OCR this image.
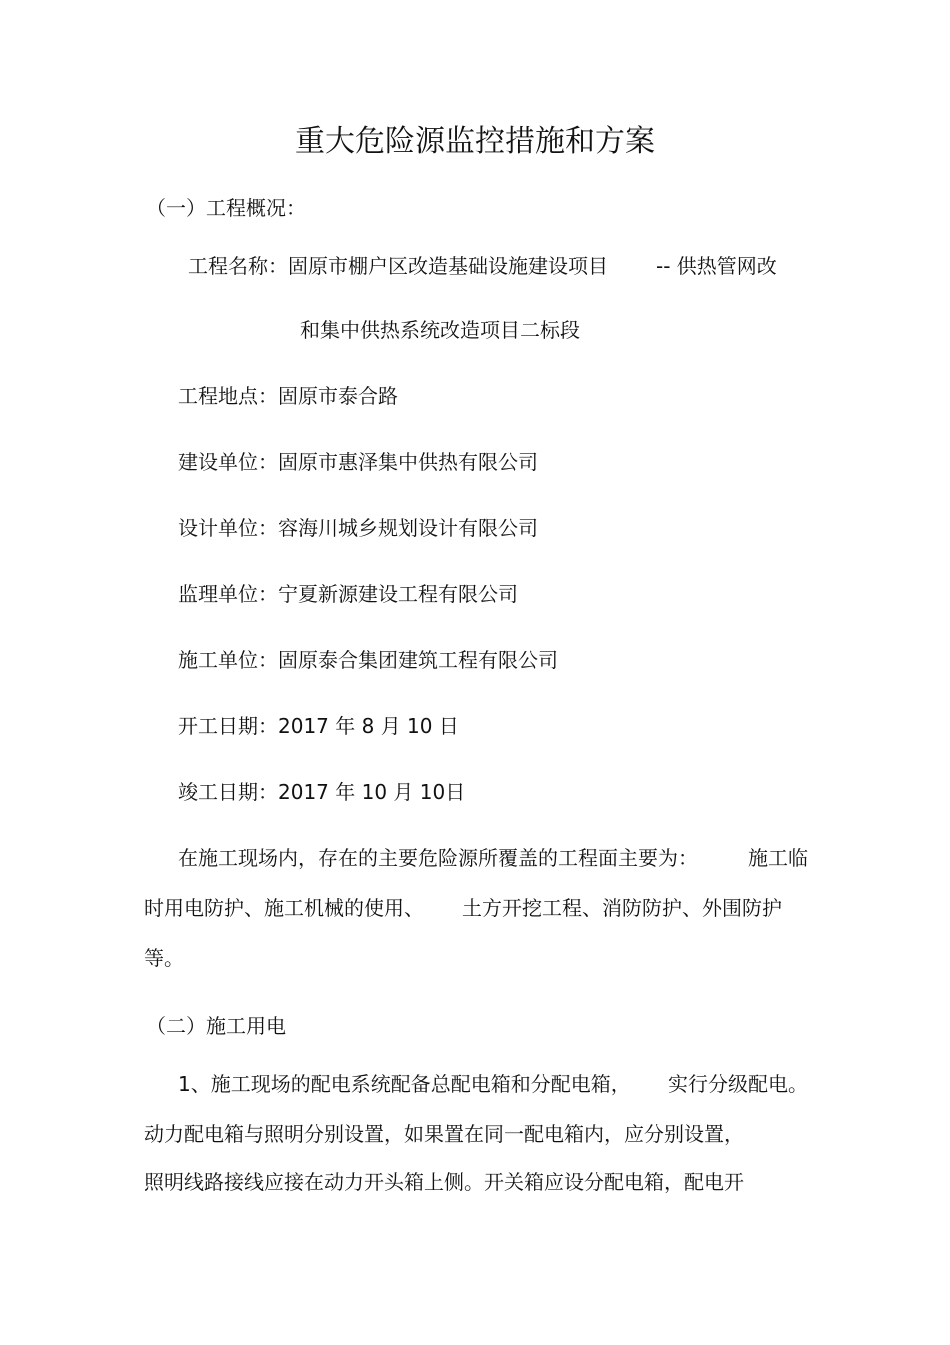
重大危险源监控措施和方案
（一）工程概况：
工程名称：固原市棚户区改造基础设施建设项目 -- 供热管网改
和集中供热系统改造项目二标段
工程地点：固原市泰合路
建设单位：固原市惠泽集中供热有限公司
设计单位：容海川城乡规划设计有限公司
监理单位：宁夏新源建设工程有限公司
施工单位：固原泰合集团建筑工程有限公司
开工日期：2017 年 8 月 10 日
竣工日期：2017 年 10 月 10日
在施工现场内，存在的主要危险源所覆盖的工程面主要为：	施工临
时用电防护、施工机械的使用、 土方开挖工程、消防防护、外围防护
等。
（二）施工用电
1、施工现场的配电系统配备总配电箱和分配电箱， 实行分级配电。
动力配电箱与照明分别设置，如果置在同一配电箱内，应分别设置，
照明线路接线应接在动力开头箱上侧。开关箱应设分配电箱，配电开
